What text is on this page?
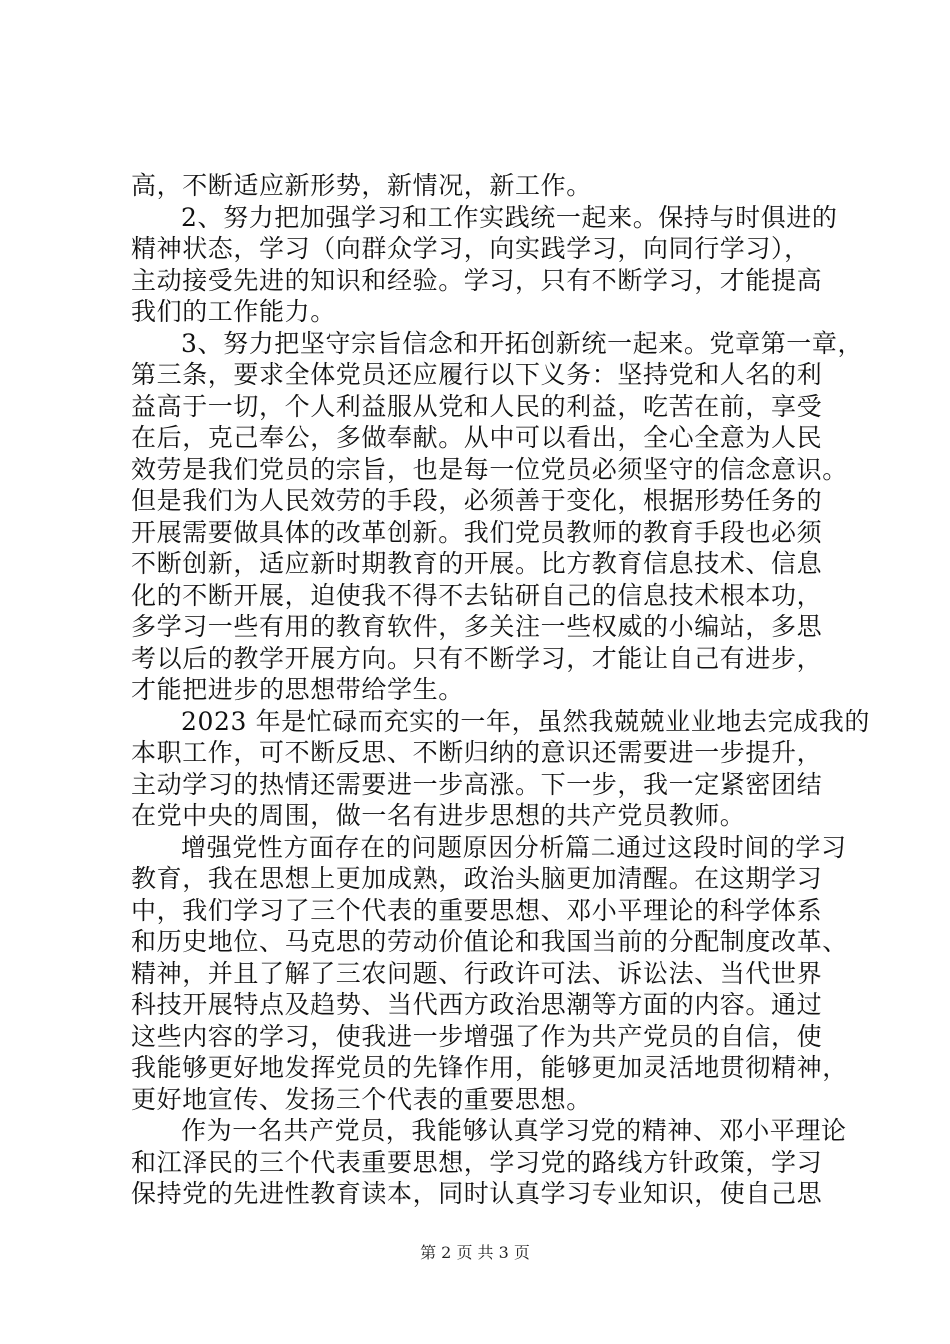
高，不断适应新形势，新情况，新工作。
2、努力把加强学习和工作实践统一起来。保持与时俱进的
精神状态，学习（向群众学习，向实践学习，向同行学习），
主动接受先进的知识和经验。学习，只有不断学习，才能提高
我们的工作能力。
3、努力把坚守宗旨信念和开拓创新统一起来。党章第一章，
第三条，要求全体党员还应履行以下义务：坚持党和人名的利
益高于一切，个人利益服从党和人民的利益，吃苦在前，享受
在后，克己奉公，多做奉献。从中可以看出，全心全意为人民
效劳是我们党员的宗旨，也是每一位党员必须坚守的信念意识。
但是我们为人民效劳的手段，必须善于变化，根据形势任务的
开展需要做具体的改革创新。我们党员教师的教育手段也必须
不断创新，适应新时期教育的开展。比方教育信息技术、信息
化的不断开展，迫使我不得不去钻研自己的信息技术根本功，
多学习一些有用的教育软件，多关注一些权威的小编站，多思
考以后的教学开展方向。只有不断学习，才能让自己有进步，
才能把进步的思想带给学生。
2023 年是忙碌而充实的一年，虽然我兢兢业业地去完成我的
本职工作，可不断反思、不断归纳的意识还需要进一步提升，
主动学习的热情还需要进一步高涨。下一步，我一定紧密团结
在党中央的周围，做一名有进步思想的共产党员教师。
增强党性方面存在的问题原因分析篇二通过这段时间的学习
教育，我在思想上更加成熟，政治头脑更加清醒。在这期学习
中，我们学习了三个代表的重要思想、邓小平理论的科学体系
和历史地位、马克思的劳动价值论和我国当前的分配制度改革、
精神，并且了解了三农问题、行政许可法、诉讼法、当代世界
科技开展特点及趋势、当代西方政治思潮等方面的内容。通过
这些内容的学习，使我进一步增强了作为共产党员的自信，使
我能够更好地发挥党员的先锋作用，能够更加灵活地贯彻精神，
更好地宣传、发扬三个代表的重要思想。
作为一名共产党员，我能够认真学习党的精神、邓小平理论
和江泽民的三个代表重要思想，学习党的路线方针政策，学习
保持党的先进性教育读本，同时认真学习专业知识，使自己思
第 2 页 共 3 页
